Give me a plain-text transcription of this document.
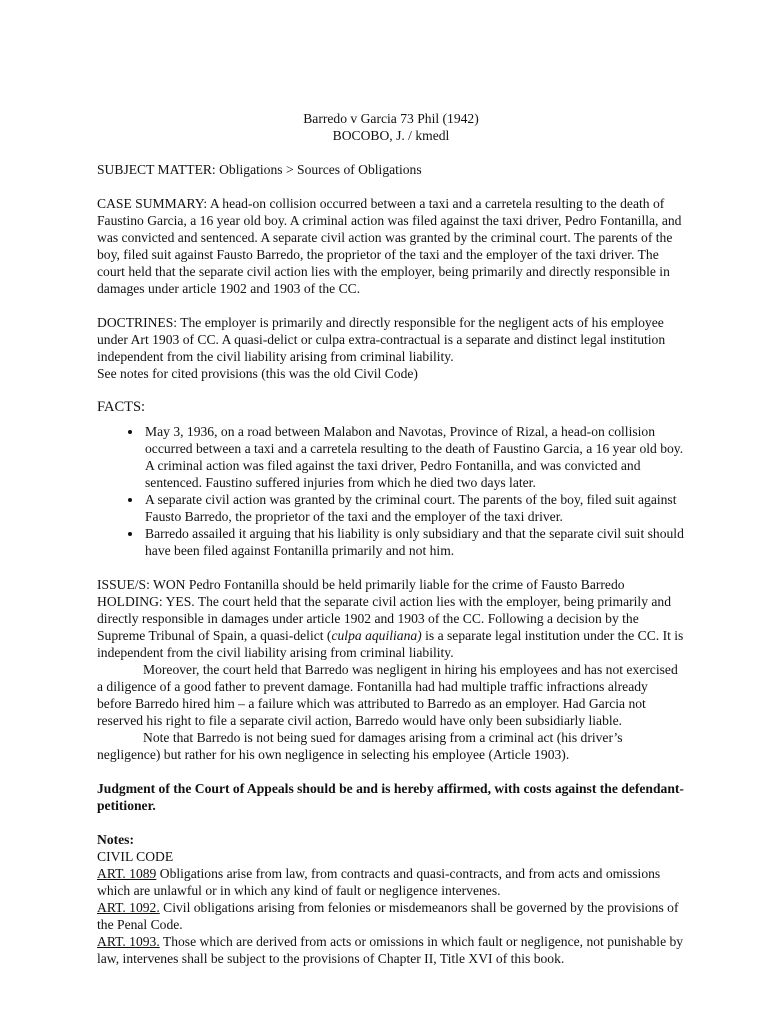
Barredo v Garcia 73 Phil (1942)

BOCOBO, J. / kmedl

SUBJECT MATTER: Obligations > Sources of Obligations

CASE SUMMARY: A head-on collision occurred between a taxi and a carretela resulting to the death of Faustino Garcia, a 16 year old boy. A criminal action was filed against the taxi driver, Pedro Fontanilla, and was convicted and sentenced. A separate civil action was granted by the criminal court. The parents of the boy, filed suit against Fausto Barredo, the proprietor of the taxi and the employer of the taxi driver. The court held that the separate civil action lies with the employer, being primarily and directly responsible in damages under article 1902 and 1903 of the CC.

DOCTRINES: The employer is primarily and directly responsible for the negligent acts of his employee under Art 1903 of CC. A quasi-delict or culpa extra-contractual is a separate and distinct legal institution independent from the civil liability arising from criminal liability.

See notes for cited provisions (this was the old Civil Code)

FACTS:

• May 3, 1936, on a road between Malabon and Navotas, Province of Rizal, a head-on collision occurred between a taxi and a carretela resulting to the death of Faustino Garcia, a 16 year old boy. A criminal action was filed against the taxi driver, Pedro Fontanilla, and was convicted and sentenced. Faustino suffered injuries from which he died two days later.
• A separate civil action was granted by the criminal court. The parents of the boy, filed suit against Fausto Barredo, the proprietor of the taxi and the employer of the taxi driver.
• Barredo assailed it arguing that his liability is only subsidiary and that the separate civil suit should have been filed against Fontanilla primarily and not him.

ISSUE/S: WON Pedro Fontanilla should be held primarily liable for the crime of Fausto Barredo

HOLDING: YES. The court held that the separate civil action lies with the employer, being primarily and directly responsible in damages under article 1902 and 1903 of the CC. Following a decision by the Supreme Tribunal of Spain, a quasi-delict (culpa aquiliana) is a separate legal institution under the CC. It is independent from the civil liability arising from criminal liability.

Moreover, the court held that Barredo was negligent in hiring his employees and has not exercised a diligence of a good father to prevent damage. Fontanilla had had multiple traffic infractions already before Barredo hired him – a failure which was attributed to Barredo as an employer. Had Garcia not reserved his right to file a separate civil action, Barredo would have only been subsidiarly liable.

Note that Barredo is not being sued for damages arising from a criminal act (his driver’s negligence) but rather for his own negligence in selecting his employee (Article 1903).

Judgment of the Court of Appeals should be and is hereby affirmed, with costs against the defendant-petitioner.

Notes:

CIVIL CODE

ART. 1089 Obligations arise from law, from contracts and quasi-contracts, and from acts and omissions which are unlawful or in which any kind of fault or negligence intervenes.

ART. 1092. Civil obligations arising from felonies or misdemeanors shall be governed by the provisions of the Penal Code.

ART. 1093. Those which are derived from acts or omissions in which fault or negligence, not punishable by law, intervenes shall be subject to the provisions of Chapter II, Title XVI of this book.
